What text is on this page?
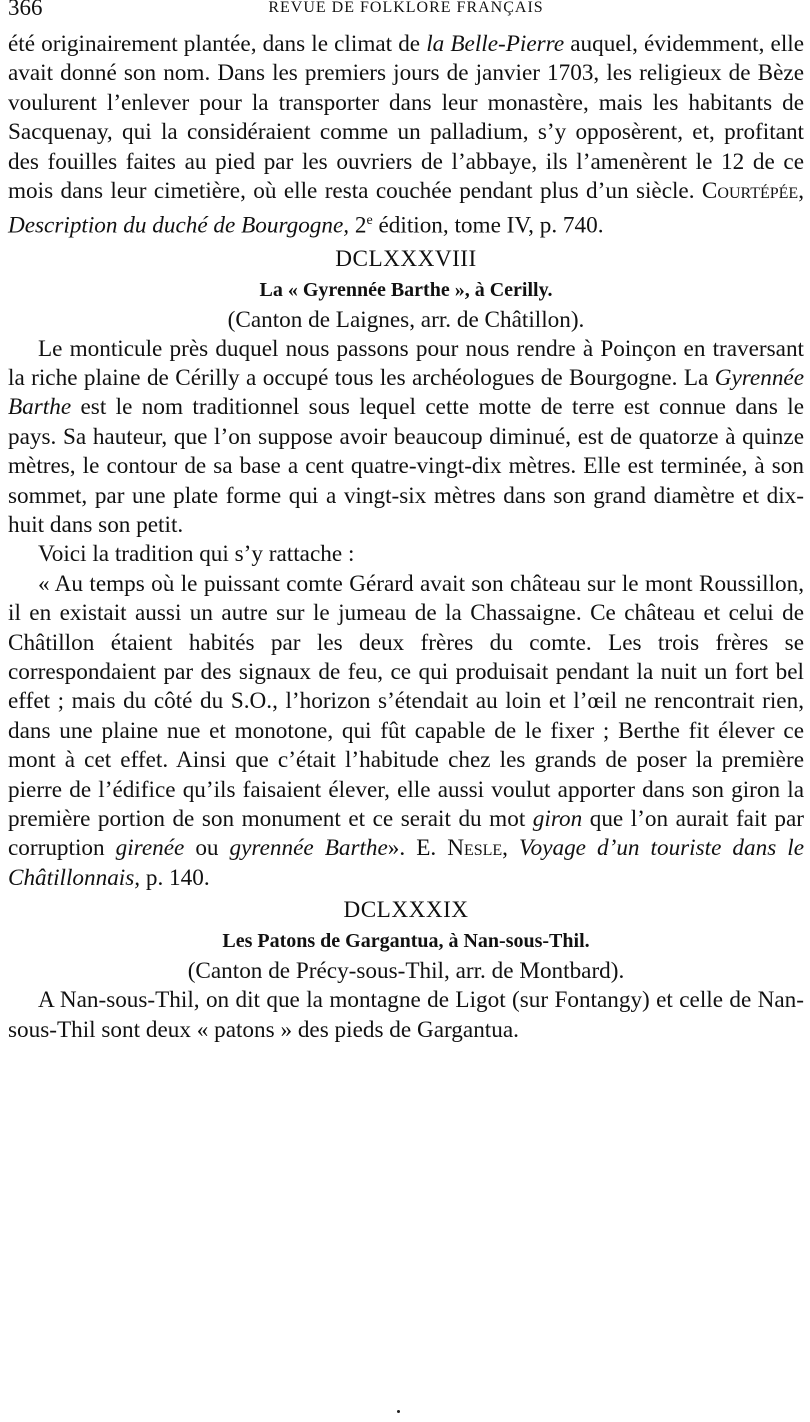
366	REVUE DE FOLKLORE FRANÇAIS

été originairement plantée, dans le climat de la Belle-Pierre auquel, évidemment, elle avait donné son nom. Dans les premiers jours de janvier 1703, les religieux de Bèze voulurent l’enlever pour la transporter dans leur monastère, mais les habitants de Sacquenay, qui la considéraient comme un palladium, s’y opposèrent, et, profitant des fouilles faites au pied par les ouvriers de l’abbaye, ils l’amenèrent le 12 de ce mois dans leur cimetière, où elle resta couchée pendant plus d’un siècle. Courtépée, Description du duché de Bourgogne, 2e édition, tome IV, p. 740.

DCLXXXVIII
La « Gyrennée Barthe », à Cerilly.
(Canton de Laignes, arr. de Châtillon).

Le monticule près duquel nous passons pour nous rendre à Poinçon en traversant la riche plaine de Cérilly a occupé tous les archéologues de Bourgogne. La Gyrennée Barthe est le nom traditionnel sous lequel cette motte de terre est connue dans le pays. Sa hauteur, que l’on suppose avoir beaucoup diminué, est de quatorze à quinze mètres, le contour de sa base a cent quatre-vingt-dix mètres. Elle est terminée, à son sommet, par une plate forme qui a vingt-six mètres dans son grand diamètre et dix-huit dans son petit.

Voici la tradition qui s’y rattache :

« Au temps où le puissant comte Gérard avait son château sur le mont Roussillon, il en existait aussi un autre sur le jumeau de la Chassaigne. Ce château et celui de Châtillon étaient habités par les deux frères du comte. Les trois frères se correspondaient par des signaux de feu, ce qui produisait pendant la nuit un fort bel effet ; mais du côté du S.O., l’horizon s’étendait au loin et l’œil ne rencontrait rien, dans une plaine nue et monotone, qui fût capable de le fixer ; Berthe fit élever ce mont à cet effet. Ainsi que c’était l’habitude chez les grands de poser la première pierre de l’édifice qu’ils faisaient élever, elle aussi voulut apporter dans son giron la première portion de son monument et ce serait du mot giron que l’on aurait fait par corruption girenée ou gyrennée Barthe». E. Nesle, Voyage d’un touriste dans le Châtillonnais, p. 140.

DCLXXXIX
Les Patons de Gargantua, à Nan-sous-Thil.
(Canton de Précy-sous-Thil, arr. de Montbard).

A Nan-sous-Thil, on dit que la montagne de Ligot (sur Fontangy) et celle de Nan-sous-Thil sont deux « patons » des pieds de Gargantua.
